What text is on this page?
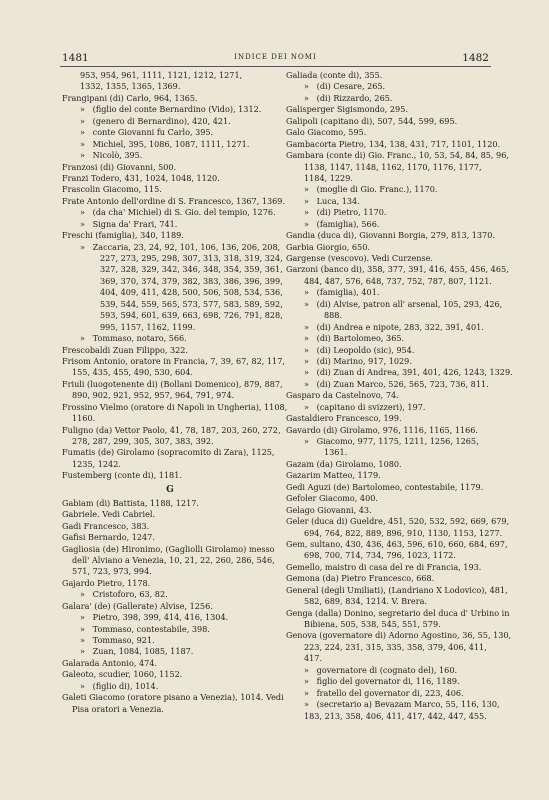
1481	INDICE DEI NOMI	1482
953, 954, 961, 1111, 1121, 1212, 1271,
1332, 1355, 1365, 1369.
Frangipani (di) Carlo, 964, 1365.
»   (figlio del conte Bernardino (Vido), 1312.
»   (genero di Bernardino), 420, 421.
»   conte Giovanni fu Carlo, 395.
»   Michiel, 395, 1086, 1087, 1111, 1271.
»   Nicolò, 395.
Franzosi (di) Giovanni, 500.
Franzi Todero, 431, 1024, 1048, 1120.
Frascolin Giacomo, 115.
Frate Antonio dell'ordine di S. Francesco, 1367, 1369.
»   (da cha' Michiel) di S. Gio. del tempio, 1276.
»   Signa da' Frari, 741.
Freschi (famiglia), 340, 1189.
»   Zaccaria, 23, 24, 92, 101, 106, 136, 206, 208,
227, 273, 295, 298, 307, 313, 318, 319, 324,
327, 328, 329, 342, 346, 348, 354, 359, 361,
369, 370, 374, 379, 382, 383, 386, 396, 399,
404, 409, 411, 428, 500, 506, 508, 534, 536,
539, 544, 559, 565, 573, 577, 583, 589, 592,
593, 594, 601, 639, 663, 698, 726, 791, 828,
995, 1157, 1162, 1199.
»   Tommaso, notaro, 566.
Frescobaldi Zuan Filippo, 322.
Frisom Antonio, oratore in Francia, 7, 39, 67, 82, 117,
155, 435, 455, 490, 530, 604.
Friuli (luogotenente di) (Bollani Domenico), 879, 887,
890, 902, 921, 952, 957, 964, 791, 974.
Frossino Vielmo (oratore di Napoli in Ungheria), 1108,
1160.
Fuligno (da) Vettor Paolo, 41, 78, 187, 203, 260, 272,
278, 287, 299, 305, 307, 383, 392.
Fumatis (de) Girolamo (sopracomito di Zara), 1125,
1235, 1242.
Fustemberg (conte di), 1181.
G
Gabiam (di) Battista, 1188, 1217.
Gabriele. Vedi Cabriel.
Gadi Francesco, 383.
Gafisi Bernardo, 1247.
Gagliosia (de) Hironimo, (Gagliolli Girolamo) messo
dell' Alviano a Venezia, 10, 21, 22, 260, 286, 546,
571, 723, 973, 994.
Gajardo Pietro, 1178.
»   Cristoforo, 63, 82.
Galara' (de) (Gallerate) Alvise, 1256.
»   Pietro, 398, 399, 414, 416, 1304.
»   Tommaso, contestabile, 398.
»   Tommaso, 921.
»   Zuan, 1084, 1085, 1187.
Galarada Antonio, 474.
Galeoto, scudier, 1060, 1152.
»   (figlio di), 1014.
Galeti Giacomo (oratore pisano a Venezia), 1014. Vedi
Pisa oratori a Venezia.
Galiada (conte di), 355.
»   (di) Cesare, 265.
»   (di) Rizzardo, 265.
Galisperger Sigismondo, 295.
Galipoli (capitano di), 507, 544, 599, 695.
Galo Giacomo, 595.
Gambacorta Pietro, 134, 138, 431, 717, 1101, 1120.
Gambara (conte di) Gio. Franc., 10, 53, 54, 84, 85, 96,
1138, 1147, 1148, 1162, 1170, 1176, 1177,
1184, 1229.
»   (moglie di Gio. Franc.), 1170.
»   Luca, 134.
»   (di) Pietro, 1170.
»   (famiglia), 566.
Gandia (duca di), Giovanni Borgia, 279, 813, 1370.
Garbia Giorgio, 650.
Gargense (vescovo). Vedi Curzense.
Garzoni (banco di), 358, 377, 391, 416, 455, 456, 465,
484, 487, 576, 648, 737, 752, 787, 807, 1121.
»   (famiglia), 401.
»   (di) Alvise, patron all' arsenal, 105, 293, 426,
888.
»   (di) Andrea e nipote, 283, 322, 391, 401.
»   (di) Bartolomeo, 365.
»   (di) Leopoldo (sic), 954.
»   (di) Marino, 917, 1029.
»   (di) Zuan di Andrea, 391, 401, 426, 1243, 1329.
»   (di) Zuan Marco, 526, 565, 723, 736, 811.
Gasparo da Castelnovo, 74.
»   (capitano di svizzeri), 197.
Gastaldiero Francesco, 199.
Gavardo (di) Girolamo, 976, 1116, 1165, 1166.
»   Giacomo, 977, 1175, 1211, 1256, 1265,
1361.
Gazam (da) Girolamo, 1080.
Gazarim Matteo, 1179.
Gedi Aguzi (de) Bartolomeo, contestabile, 1179.
Gefoler Giacomo, 400.
Gelago Giovanni, 43.
Geler (duca di) Gueldre, 451, 520, 532, 592, 669, 679,
694, 764, 822, 889, 896, 910, 1130, 1153, 1277.
Gem, sultano, 430, 436, 463, 596, 610, 660, 684, 697,
698, 700, 714, 734, 796, 1023, 1172.
Gemello, maistro di casa del re di Francia, 193.
Gemona (da) Pietro Francesco, 668.
General (degli Umiliati), (Landriano X Lodovico), 481,
582, 689, 834, 1214. V. Brera.
Genga (dalla) Donino, segretario del duca d' Urbino in
Bibiena, 505, 538, 545, 551, 579.
Genova (governatore di) Adorno Agostino, 36, 55, 130,
223, 224, 231, 315, 335, 358, 379, 406, 411,
417.
»   governatore di (cognato del), 160.
»   figlio del governator di, 116, 1189.
»   fratello del governator di, 223, 406.
»   (secretario a) Bevazam Marco, 55, 116, 130,
183, 213, 358, 406, 411, 417, 442, 447, 455.
